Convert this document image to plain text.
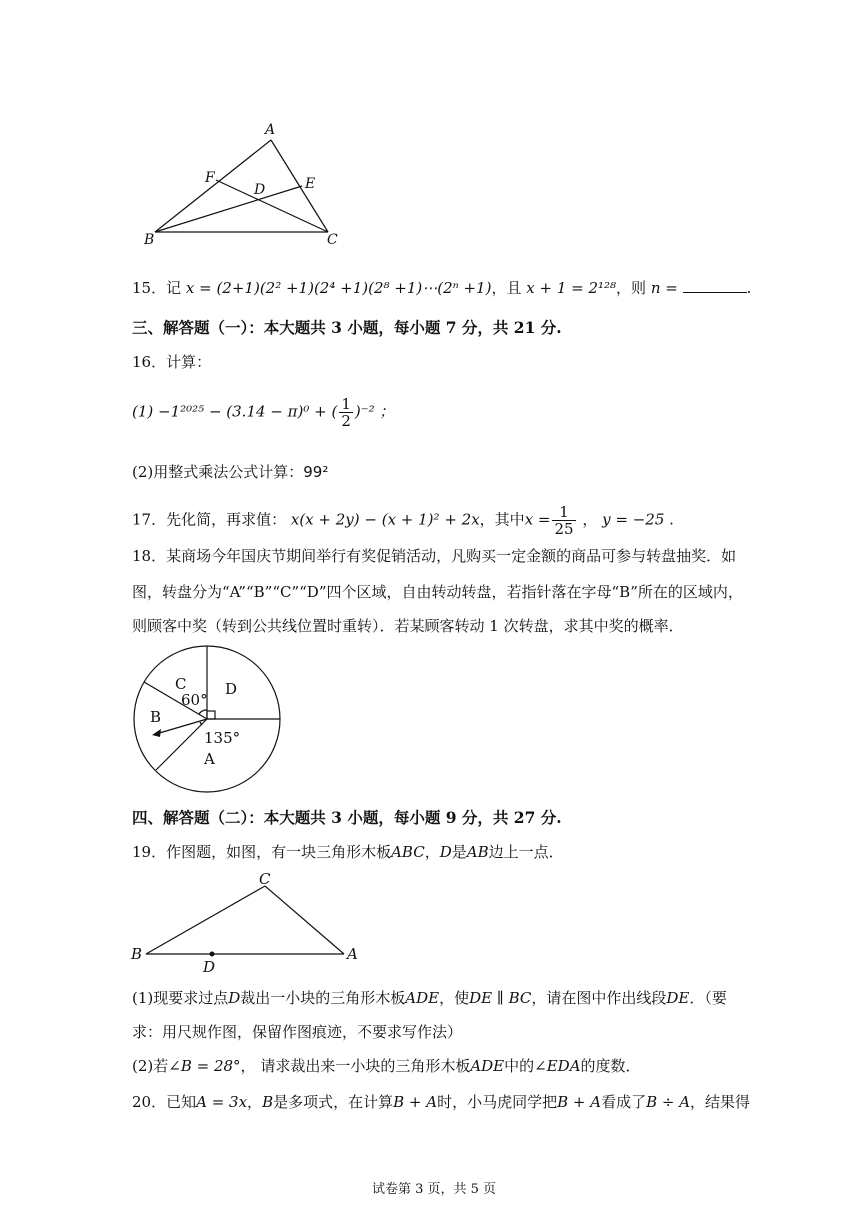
A
B	C
D	E
F
15．记 x = (2+1)(2² +1)(2⁴ +1)(2⁸ +1)⋯(2ⁿ +1)，且 x + 1 = 2¹²⁸，则 n =	.
三、解答题（一）：本大题共 3 小题，每小题 7 分，共 21 分.
16．计算：
(1) −1²⁰²⁵ − (3.14 − π)⁰ + ( $\frac{1}{2} )^{-2}$ ；
(2)用整式乘法公式计算：99²
17．先化简，再求值： x(x + 2y) − (x + 1)² + 2x，其中$x = \frac{1}{25}$ ， y = −25 .
18．某商场今年国庆节期间举行有奖促销活动，凡购买一定金额的商品可参与转盘抽奖．如
图，转盘分为“A”“B”“C”“D”四个区域，自由转动转盘，若指针落在字母“B”所在的区域内，
则顾客中奖（转到公共线位置时重转）．若某顾客转动 1 次转盘，求其中奖的概率．
C	D
B
A
60°
135°
四、解答题（二）：本大题共 3 小题，每小题 9 分，共 27 分.
19．作图题，如图，有一块三角形木板ABC，D是AB边上一点．
B
C
A
D
(1)现要求过点D裁出一小块的三角形木板ADE，使DE ∥ BC，请在图中作出线段DE．（要
求：用尺规作图，保留作图痕迹，不要求写作法）
(2)若∠B = 28°， 请求裁出来一小块的三角形木板ADE中的∠EDA的度数．
20．已知A = 3x，B是多项式，在计算B + A时，小马虎同学把B + A看成了B ÷ A，结果得
试卷第 3 页，共 5 页
